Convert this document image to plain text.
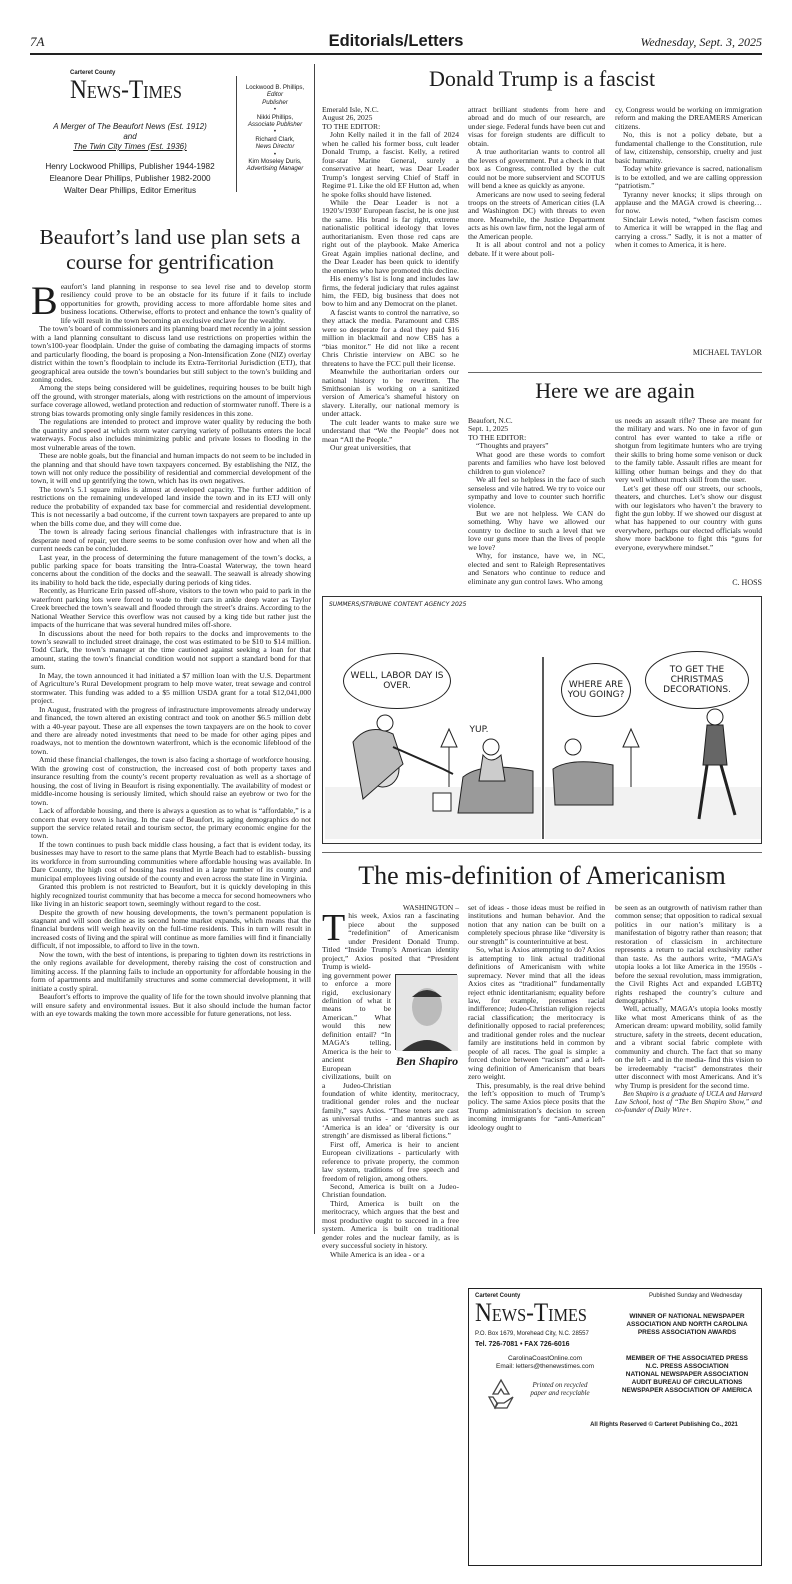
7A	Editorials/Letters	Wednesday, Sept. 3, 2025
Carteret County
News-Times
A Merger of The Beaufort News (Est. 1912)
and
The Twin City Times (Est. 1936)
Henry Lockwood Phillips, Publisher 1944-1982
Eleanore Dear Phillips, Publisher 1982-2000
Walter Dear Phillips, Editor Emeritus
Lockwood B. Phillips,
Editor
Publisher
•
Nikki Phillips,
Associate Publisher
•
Richard Clark,
News Director
•
Kim Moseley Duris,
Advertising Manager
Beaufort’s land use plan sets a course for gentrification
B eaufort’s land planning in response to sea level rise and to develop storm resiliency could prove to be an obstacle for its future if it fails to include opportunities for growth, providing access to more affordable home sites and business locations. Otherwise, efforts to protect and enhance the town’s quality of life will result in the town becoming an exclusive enclave for the wealthy.

The town’s board of commissioners and its planning board met recently in a joint session with a land planning consultant to discuss land use restrictions on properties within the town’s100-year floodplain. Under the guise of combating the damaging impacts of storms and particularly flooding, the board is proposing a Non-Intensification Zone (NIZ) overlay district within the town’s floodplain to include its Extra-Territorial Jurisdiction (ETJ), that geographical area outside the town’s boundaries but still subject to the town’s building and zoning codes.

Among the steps being considered will be guidelines, requiring houses to be built high off the ground, with stronger materials, along with restrictions on the amount of impervious surface coverage allowed, wetland protection and reduction of stormwater runoff. There is a strong bias towards promoting only single family residences in this zone.

The regulations are intended to protect and improve water quality by reducing the both the quantity and speed at which storm water carrying variety of pollutants enters the local waterways. Focus also includes minimizing public and private losses to flooding in the most vulnerable areas of the town.

These are noble goals, but the financial and human impacts do not seem to be included in the planning and that should have town taxpayers concerned. By establishing the NIZ, the town will not only reduce the possibility of residential and commercial development of the town, it will end up gentrifying the town, which has its own negatives.

The town’s 5.1 square miles is almost at developed capacity. The further addition of restrictions on the remaining undeveloped land inside the town and in its ETJ will only reduce the probability of expanded tax base for commercial and residential development. This is not necessarily a bad outcome, if the current town taxpayers are prepared to ante up when the bills come due, and they will come due.

The town is already facing serious financial challenges with infrastructure that is in desperate need of repair, yet there seems to be some confusion over how and when all the current needs can be concluded.

Last year, in the process of determining the future management of the town’s docks, a public parking space for boats transiting the Intra-Coastal Waterway, the town heard concerns about the condition of the docks and the seawall. The seawall is already showing its inability to hold back the tide, especially during periods of king tides.

Recently, as Hurricane Erin passed off-shore, visitors to the town who paid to park in the waterfront parking lots were forced to wade to their cars in ankle deep water as Taylor Creek breeched the town’s seawall and flooded through the street’s drains. According to the National Weather Service this overflow was not caused by a king tide but rather just the impacts of the hurricane that was several hundred miles off-shore.

In discussions about the need for both repairs to the docks and improvements to the town’s seawall to included street drainage, the cost was estimated to be $10 to $14 million. Todd Clark, the town’s manager at the time cautioned against seeking a loan for that amount, stating the town’s financial condition would not support a standard bond for that sum.

In May, the town announced it had initiated a $7 million loan with the U.S. Department of Agriculture’s Rural Development program to help move water, treat sewage and control stormwater. This funding was added to a $5 million USDA grant for a total $12,041,000 project.

In August, frustrated with the progress of infrastructure improvements already underway and financed, the town altered an existing contract and took on another $6.5 million debt with a 40-year payout. These are all expenses the town taxpayers are on the hook to cover and there are already noted investments that need to be made for other aging pipes and roadways, not to mention the downtown waterfront, which is the economic lifeblood of the town.

Amid these financial challenges, the town is also facing a shortage of workforce housing. With the growing cost of construction, the increased cost of both property taxes and insurance resulting from the county’s recent property revaluation as well as a shortage of housing, the cost of living in Beaufort is rising exponentially. The availability of modest or middle-income housing is seriously limited, which should raise an eyebrow or two for the town.

Lack of affordable housing, and there is always a question as to what is “affordable,” is a concern that every town is having. In the case of Beaufort, its aging demographics do not support the service related retail and tourism sector, the primary economic engine for the town.

If the town continues to push back middle class housing, a fact that is evident today, its businesses may have to resort to the same plans that Myrtle Beach had to establish- bussing its workforce in from surrounding communities where affordable housing was available. In Dare County, the high cost of housing has resulted in a large number of its county and municipal employees living outside of the county and even across the state line in Virginia.

Granted this problem is not restricted to Beaufort, but it is quickly developing in this highly recognized tourist community that has become a mecca for second homeowners who like living in an historic seaport town, seemingly without regard to the cost.

Despite the growth of new housing developments, the town’s permanent population is stagnant and will soon decline as its second home market expands, which means that the financial burdens will weigh heavily on the full-time residents. This in turn will result in increased costs of living and the spiral will continue as more families will find it financially difficult, if not impossible, to afford to live in the town.

Now the town, with the best of intentions, is preparing to tighten down its restrictions in the only regions available for development, thereby raising the cost of construction and limiting access. If the planning fails to include an opportunity for affordable housing in the form of apartments and multifamily structures and some commercial development, it will initiate a costly spiral.

Beaufort’s efforts to improve the quality of life for the town should involve planning that will ensure safety and environmental issues. But it also should include the human factor with an eye towards making the town more accessible for future generations, not less.

Donald Trump is a fascist

Emerald Isle, N.C.

August 26, 2025

TO THE EDITOR:

John Kelly nailed it in the fall of 2024 when he called his former boss, cult leader Donald Trump, a fascist. Kelly, a retired four-star Marine General, surely a conservative at heart, was Dear Leader Trump’s longest serving Chief of Staff in Regime #1. Like the old EF Hutton ad, when he spoke folks should have listened.

While the Dear Leader is not a 1920’s/1930’ European fascist, he is one just the same. His brand is far right, extreme nationalistic political ideology that loves authoritarianism. Even those red caps are right out of the playbook. Make America Great Again implies national decline, and the Dear Leader has been quick to identify the enemies who have promoted this decline.

His enemy’s list is long and includes law firms, the federal judiciary that rules against him, the FED, big business that does not bow to him and any Democrat on the planet.

A fascist wants to control the narrative, so they attack the media. Paramount and CBS were so desperate for a deal they paid $16 million in blackmail and now CBS has a “bias monitor.” He did not like a recent Chris Christie interview on ABC so he threatens to have the FCC pull their license.

Meanwhile the authoritarian orders our national history to be rewritten. The Smithsonian is working on a sanitized version of America’s shameful history on slavery. Literally, our national memory is under attack.

The cult leader wants to make sure we understand that “We the People” does not mean “All the People.”

Our great universities, that

attract brilliant students from here and abroad and do much of our research, are under siege. Federal funds have been cut and visas for foreign students are difficult to obtain.

A true authoritarian wants to control all the levers of government. Put a check in that box as Congress, controlled by the cult could not be more subservient and SCOTUS will bend a knee as quickly as anyone.

Americans are now used to seeing federal troops on the streets of American cities (LA and Washington DC) with threats to even more. Meanwhile, the Justice Department acts as his own law firm, not the legal arm of the American people.

It is all about control and not a policy debate. If it were about poli-

cy, Congress would be working on immigration reform and making the DREAMERS American citizens.

No, this is not a policy debate, but a fundamental challenge to the Constitution, rule of law, citizenship, censorship, cruelty and just basic humanity.

Today white grievance is sacred, nationalism is to be extolled, and we are calling oppression “patriotism.”

Tyranny never knocks; it slips through on applause and the MAGA crowd is cheering…for now.

Sinclair Lewis noted, “when fascism comes to America it will be wrapped in the flag and carrying a cross.” Sadly, it is not a matter of when it comes to America, it is here.

MICHAEL TAYLOR
Here we are again

Beaufort, N.C.

Sept. 1, 2025

TO THE EDITOR:

“Thoughts and prayers”

What good are these words to comfort parents and families who have lost beloved children to gun violence?

We all feel so helpless in the face of such senseless and vile hatred. We try to voice our sympathy and love to counter such horrific violence.

But we are not helpless. We CAN do something. Why have we allowed our country to decline to such a level that we love our guns more than the lives of people we love?

Why, for instance, have we, in NC, elected and sent to Raleigh Representatives and Senators who continue to reduce and eliminate any gun control laws. Who among

us needs an assault rifle? These are meant for the military and wars. No one in favor of gun control has ever wanted to take a rifle or shotgun from legitimate hunters who are trying their skills to bring home some venison or duck to the family table. Assault rifles are meant for killing other human beings and they do that very well without much skill from the user.

Let’s get these off our streets, our schools, theaters, and churches. Let’s show our disgust with our legislators who haven’t the bravery to fight the gun lobby. If we showed our disgust at what has happened to our country with guns everywhere, perhaps our elected officials would show more backbone to fight this “guns for everyone, everywhere mindset.”

C. HOSS
SUMMERS/STRIBUNE CONTENT AGENCY 2025
WELL, LABOR DAY IS OVER.
YUP.
WHERE ARE YOU GOING?
TO GET THE CHRISTMAS DECORATIONS.
The mis-definition of Americanism
WASHINGTON –
T his week, Axios ran a fascinating piece about the supposed “redefinition” of Americanism under President Donald Trump. Titled “Inside Trump’s American identity project,” Axios posited that “President Trump is wield-
Ben Shapiro
ing government power to enforce a more rigid, exclusionary definition of what it means to be American.” What would this new definition entail? “In MAGA’s telling, America is the heir to ancient

European civilizations, built on a Judeo-Christian foundation of white identity, meritocracy, traditional gender roles and the nuclear family,” says Axios. “These tenets are cast as universal truths - and mantras such as ‘America is an idea’ or ‘diversity is our strength’ are dismissed as liberal fictions.”

First off, America is heir to ancient European civilizations - particularly with reference to private property, the common law system, traditions of free speech and freedom of religion, among others.

Second, America is built on a Judeo-Christian foundation.

Third, America is built on the meritocracy, which argues that the best and most productive ought to succeed in a free system. America is built on traditional gender roles and the nuclear family, as is every successful society in history.

While America is an idea - or a

set of ideas - those ideas must be reified in institutions and human behavior. And the notion that any nation can be built on a completely specious phrase like “diversity is our strength” is counterintuitive at best.

So, what is Axios attempting to do? Axios is attempting to link actual traditional definitions of Americanism with white supremacy. Never mind that all the ideas Axios cites as “traditional” fundamentally reject ethnic identitarianism; equality before law, for example, presumes racial indifference; Judeo-Christian religion rejects racial classification; the meritocracy is definitionally opposed to racial preferences; and traditional gender roles and the nuclear family are institutions held in common by people of all races. The goal is simple: a forced choice between “racism” and a left-wing definition of Americanism that bears zero weight.

This, presumably, is the real drive behind the left’s opposition to much of Trump’s policy. The same Axios piece posits that the Trump administration’s decision to screen incoming immigrants for “anti-American” ideology ought to

be seen as an outgrowth of nativism rather than common sense; that opposition to radical sexual politics in our nation’s military is a manifestation of bigotry rather than reason; that restoration of classicism in architecture represents a return to racial exclusivity rather than taste. As the authors write, “MAGA’s utopia looks a lot like America in the 1950s - before the sexual revolution, mass immigration, the Civil Rights Act and expanded LGBTQ rights reshaped the country’s culture and demographics.”

Well, actually, MAGA’s utopia looks mostly like what most Americans think of as the American dream: upward mobility, solid family structure, safety in the streets, decent education, and a vibrant social fabric complete with community and church. The fact that so many on the left - and in the media- find this vision to be irredeemably “racist” demonstrates their utter disconnect with most Americans. And it’s why Trump is president for the second time.

Ben Shapiro is a graduate of UCLA and Harvard Law School, host of “The Ben Shapiro Show,” and co-founder of Daily Wire+.
Carteret County
News-Times
Published Sunday and Wednesday
P.O. Box 1679, Morehead City, N.C. 28557
Tel. 726-7081 • FAX 726-6016
CarolinaCoastOnline.com
Email: letters@thenewstimes.com
Printed on recycled paper and recyclable
WINNER OF NATIONAL NEWSPAPER ASSOCIATION AND NORTH CAROLINA PRESS ASSOCIATION AWARDS
MEMBER OF THE ASSOCIATED PRESS
N.C. PRESS ASSOCIATION
NATIONAL NEWSPAPER ASSOCIATION
AUDIT BUREAU OF CIRCULATIONS
NEWSPAPER ASSOCIATION OF AMERICA
All Rights Reserved © Carteret Publishing Co., 2021
